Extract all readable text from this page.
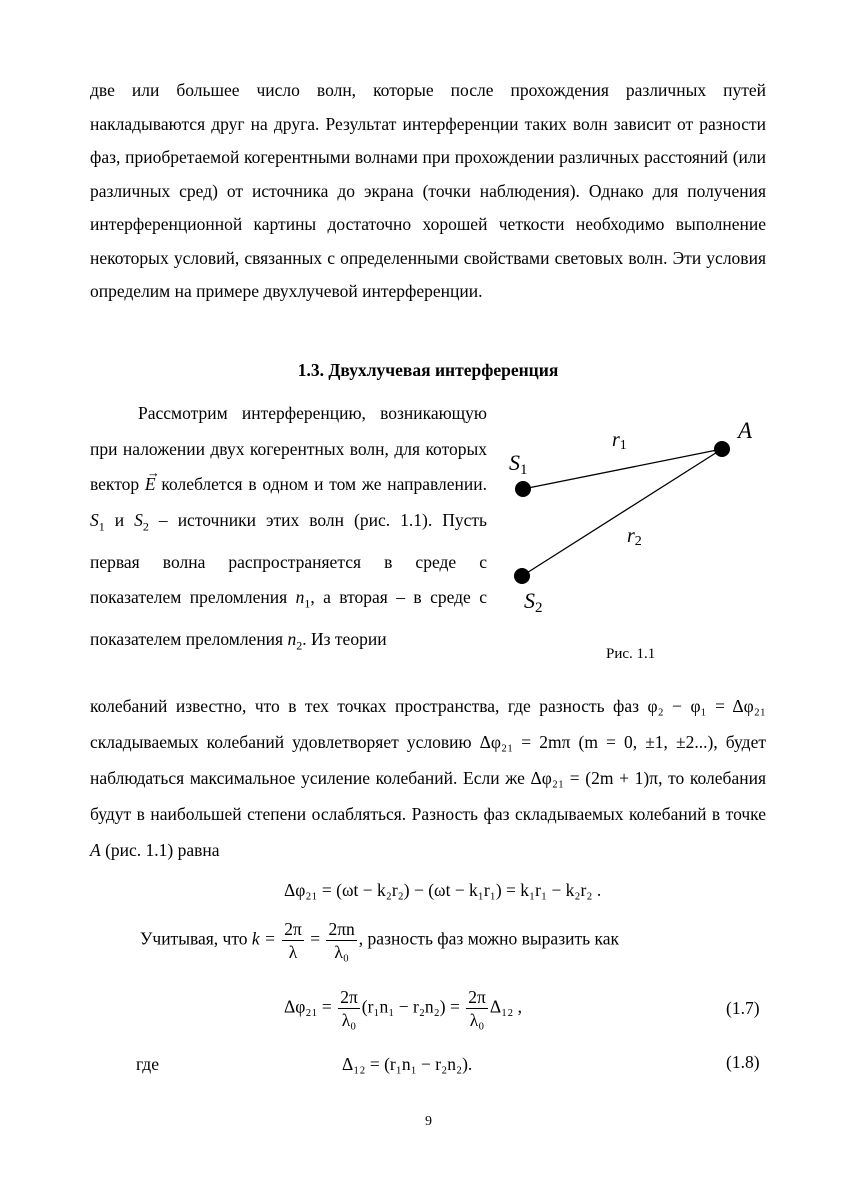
две или большее число волн, которые после прохождения различных путей накладываются друг на друга. Результат интерференции таких волн зависит от разности фаз, приобретаемой когерентными волнами при прохождении различных расстояний (или различных сред) от источника до экрана (точки наблюдения). Однако для получения интерференционной картины достаточно хорошей четкости необходимо выполнение некоторых условий, связанных с определенными свойствами световых волн. Эти условия определим на примере двухлучевой интерференции.

1.3. Двухлучевая интерференция

Рассмотрим интерференцию, возникающую при наложении двух когерентных волн, для которых вектор
→
E колеблется в одном и том же направлении. $S_1$ и $S_2$ – источники этих волн (рис. 1.1). Пусть первая волна распространяется в среде с показателем преломления $n_1$, а вторая – в среде с показателем преломления $n_2$. Из теории

S1
S2
A
r1
r2
Рис. 1.1

колебаний известно, что в тех точках пространства, где разность фаз φ₂ − φ₁ = Δφ₂₁ складываемых колебаний удовлетворяет условию Δφ₂₁ = 2mπ (m = 0, ±1, ±2...), будет наблюдаться максимальное усиление колебаний. Если же Δφ₂₁ = (2m + 1)π, то колебания будут в наибольшей степени ослабляться. Разность фаз складываемых колебаний в точке A (рис. 1.1) равна

Δφ₂₁ = (ωt − k₂r₂) − (ωt − k₁r₁) = k₁r₁ − k₂r₂ .
Учитывая, что $k = \frac{2\pi}{\lambda} = \frac{2\pi n}{\text{λ₀}}$ , разность фаз можно выразить как
$\Delta\varphi_{21} = \frac{2\pi}{\text{λ₀}} (r_1n_1 - r_2n_2) = \frac{2\pi}{\text{λ₀}} \Delta_{12}$ ,	(1.7)
где	Δ₁₂ = (r₁n₁ − r₂n₂).	(1.8)
9
